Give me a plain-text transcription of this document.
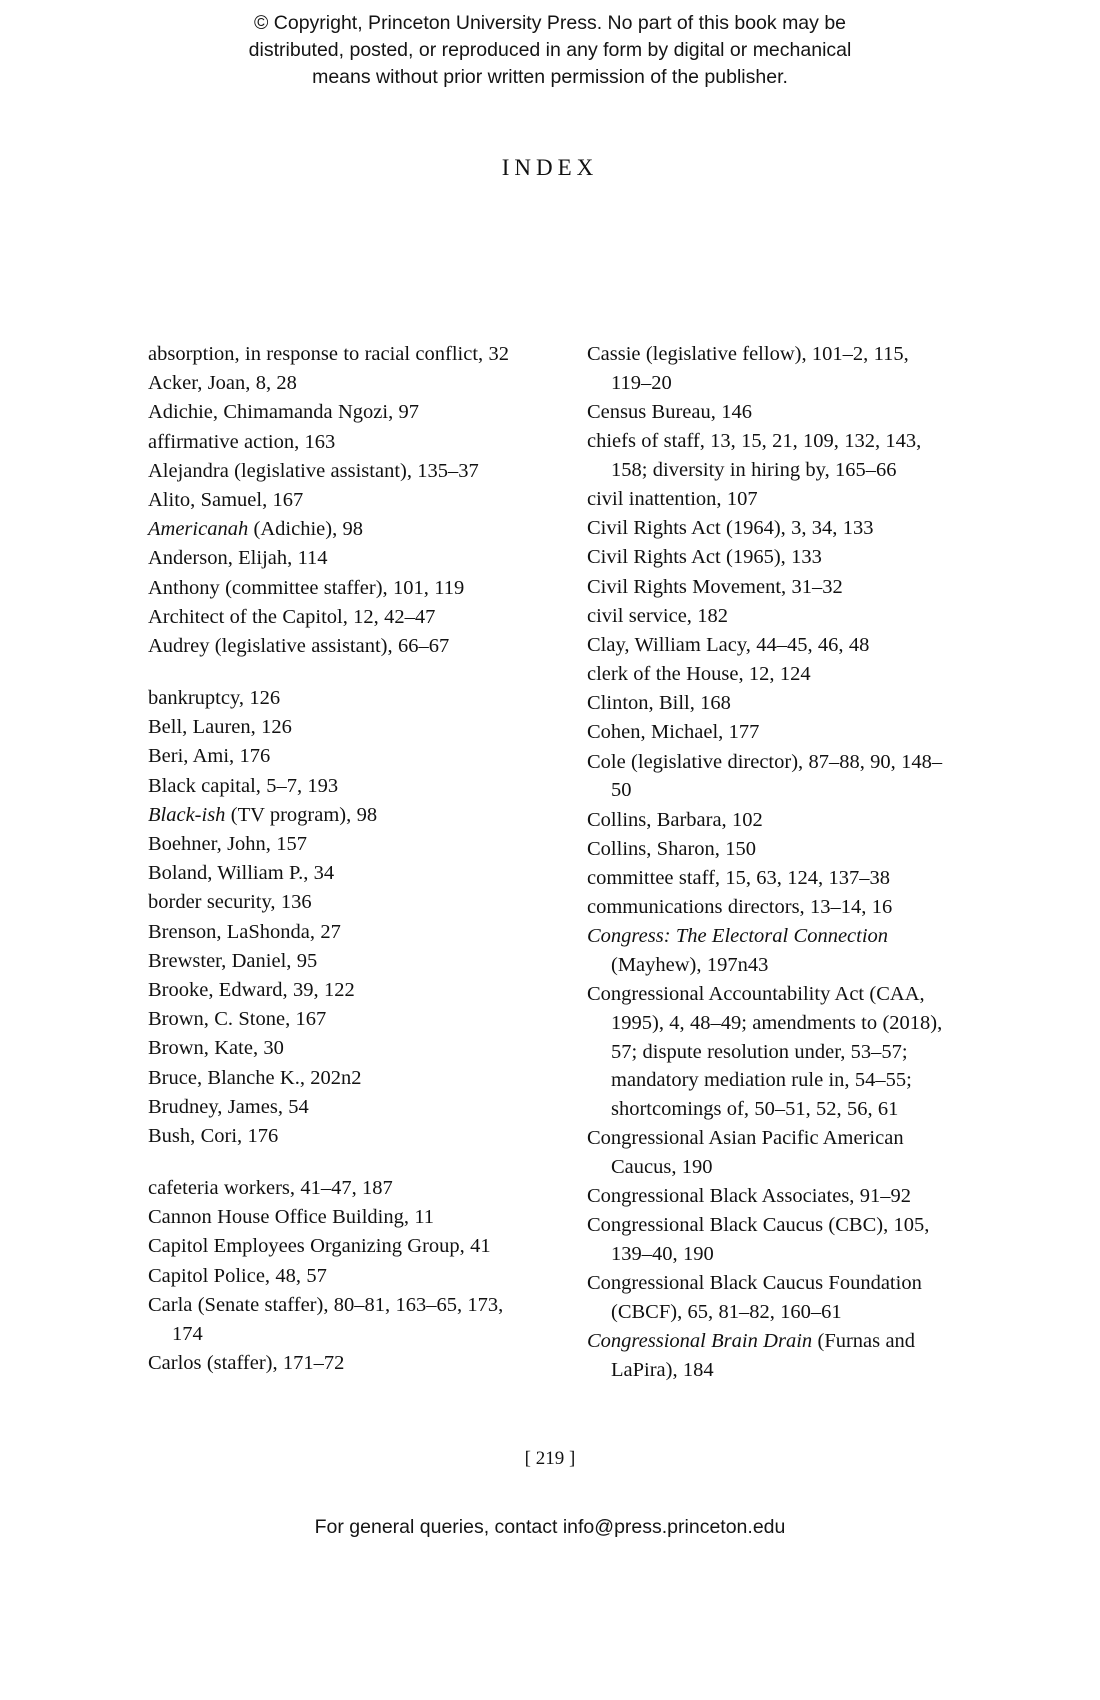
© Copyright, Princeton University Press. No part of this book may be
distributed, posted, or reproduced in any form by digital or mechanical
means without prior written permission of the publisher.
INDEX
absorption, in response to racial conflict, 32
Acker, Joan, 8, 28
Adichie, Chimamanda Ngozi, 97
affirmative action, 163
Alejandra (legislative assistant), 135–37
Alito, Samuel, 167
Americanah (Adichie), 98
Anderson, Elijah, 114
Anthony (committee staffer), 101, 119
Architect of the Capitol, 12, 42–47
Audrey (legislative assistant), 66–67
bankruptcy, 126
Bell, Lauren, 126
Beri, Ami, 176
Black capital, 5–7, 193
Black-ish (TV program), 98
Boehner, John, 157
Boland, William P., 34
border security, 136
Brenson, LaShonda, 27
Brewster, Daniel, 95
Brooke, Edward, 39, 122
Brown, C. Stone, 167
Brown, Kate, 30
Bruce, Blanche K., 202n2
Brudney, James, 54
Bush, Cori, 176
cafeteria workers, 41–47, 187
Cannon House Office Building, 11
Capitol Employees Organizing Group, 41
Capitol Police, 48, 57
Carla (Senate staffer), 80–81, 163–65, 173, 174
Carlos (staffer), 171–72
Cassie (legislative fellow), 101–2, 115, 119–20
Census Bureau, 146
chiefs of staff, 13, 15, 21, 109, 132, 143, 158; diversity in hiring by, 165–66
civil inattention, 107
Civil Rights Act (1964), 3, 34, 133
Civil Rights Act (1965), 133
Civil Rights Movement, 31–32
civil service, 182
Clay, William Lacy, 44–45, 46, 48
clerk of the House, 12, 124
Clinton, Bill, 168
Cohen, Michael, 177
Cole (legislative director), 87–88, 90, 148–50
Collins, Barbara, 102
Collins, Sharon, 150
committee staff, 15, 63, 124, 137–38
communications directors, 13–14, 16
Congress: The Electoral Connection (Mayhew), 197n43
Congressional Accountability Act (CAA, 1995), 4, 48–49; amendments to (2018), 57; dispute resolution under, 53–57; mandatory mediation rule in, 54–55; shortcomings of, 50–51, 52, 56, 61
Congressional Asian Pacific American Caucus, 190
Congressional Black Associates, 91–92
Congressional Black Caucus (CBC), 105, 139–40, 190
Congressional Black Caucus Foundation (CBCF), 65, 81–82, 160–61
Congressional Brain Drain (Furnas and LaPira), 184
[ 219 ]
For general queries, contact info@press.princeton.edu
